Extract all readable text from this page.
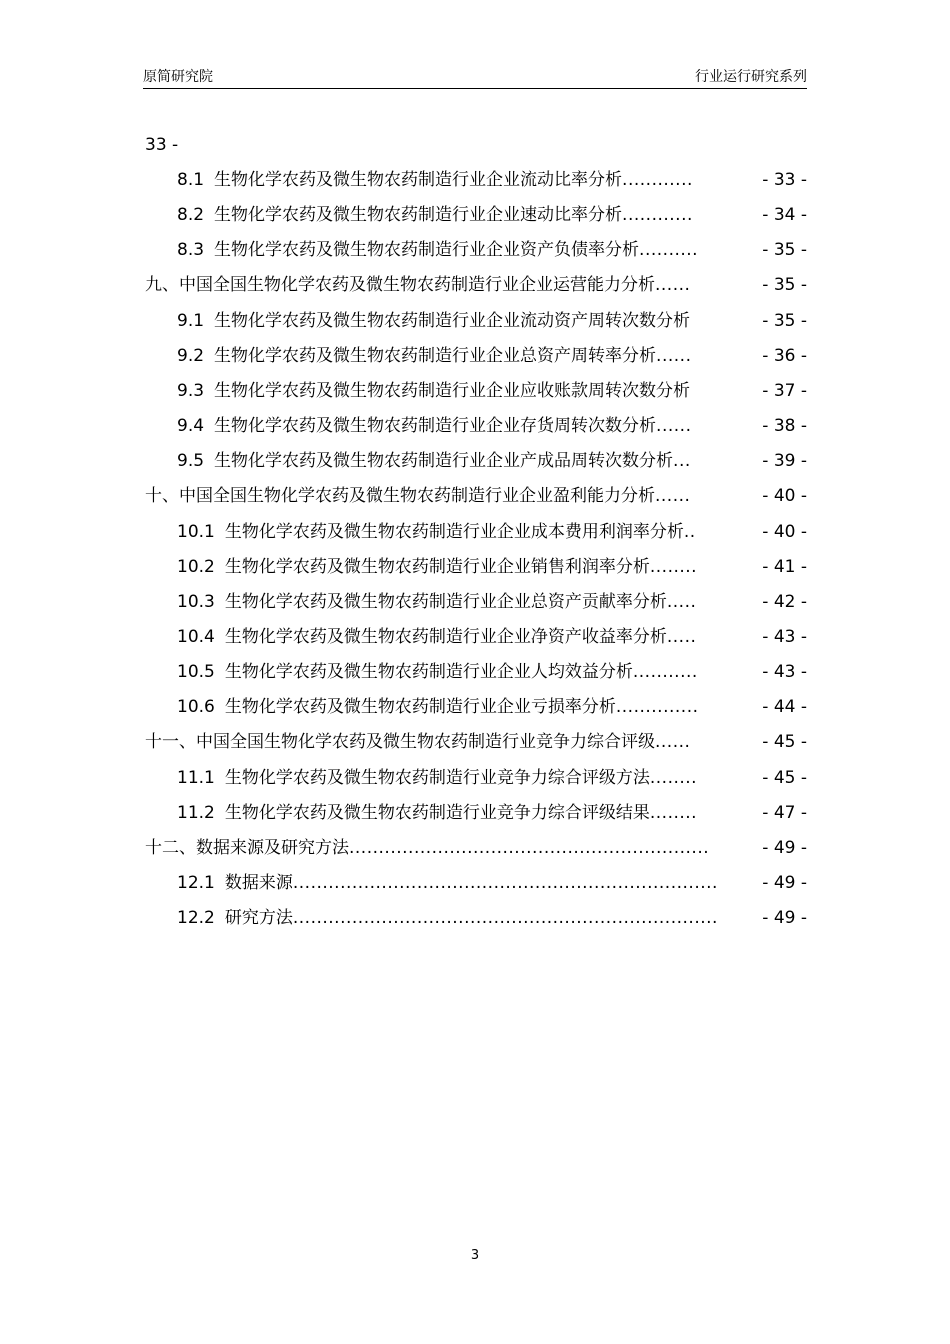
原简研究院	行业运行研究系列
33 -
8.1 生物化学农药及微生物农药制造行业企业流动比率分析 ............	- 33 -
8.2 生物化学农药及微生物农药制造行业企业速动比率分析 ............	- 34 -
8.3 生物化学农药及微生物农药制造行业企业资产负债率分析 ..........	- 35 -
九、中国全国生物化学农药及微生物农药制造行业企业运营能力分析 ......	- 35 -
9.1 生物化学农药及微生物农药制造行业企业流动资产周转次数分析	- 35 -
9.2 生物化学农药及微生物农药制造行业企业总资产周转率分析 ......	- 36 -
9.3 生物化学农药及微生物农药制造行业企业应收账款周转次数分析	- 37 -
9.4 生物化学农药及微生物农药制造行业企业存货周转次数分析 ......	- 38 -
9.5 生物化学农药及微生物农药制造行业企业产成品周转次数分析 ...	- 39 -
十、中国全国生物化学农药及微生物农药制造行业企业盈利能力分析 ......	- 40 -
10.1 生物化学农药及微生物农药制造行业企业成本费用利润率分析 ..	- 40 -
10.2 生物化学农药及微生物农药制造行业企业销售利润率分析 ........	- 41 -
10.3 生物化学农药及微生物农药制造行业企业总资产贡献率分析 .....	- 42 -
10.4 生物化学农药及微生物农药制造行业企业净资产收益率分析 .....	- 43 -
10.5 生物化学农药及微生物农药制造行业企业人均效益分析 ...........	- 43 -
10.6 生物化学农药及微生物农药制造行业企业亏损率分析 ..............	- 44 -
十一、中国全国生物化学农药及微生物农药制造行业竞争力综合评级 ......	- 45 -
11.1 生物化学农药及微生物农药制造行业竞争力综合评级方法 ........	- 45 -
11.2 生物化学农药及微生物农药制造行业竞争力综合评级结果 ........	- 47 -
十二、数据来源及研究方法 .............................................................	- 49 -
12.1 数据来源 ........................................................................	- 49 -
12.2 研究方法 ........................................................................	- 49 -
3
